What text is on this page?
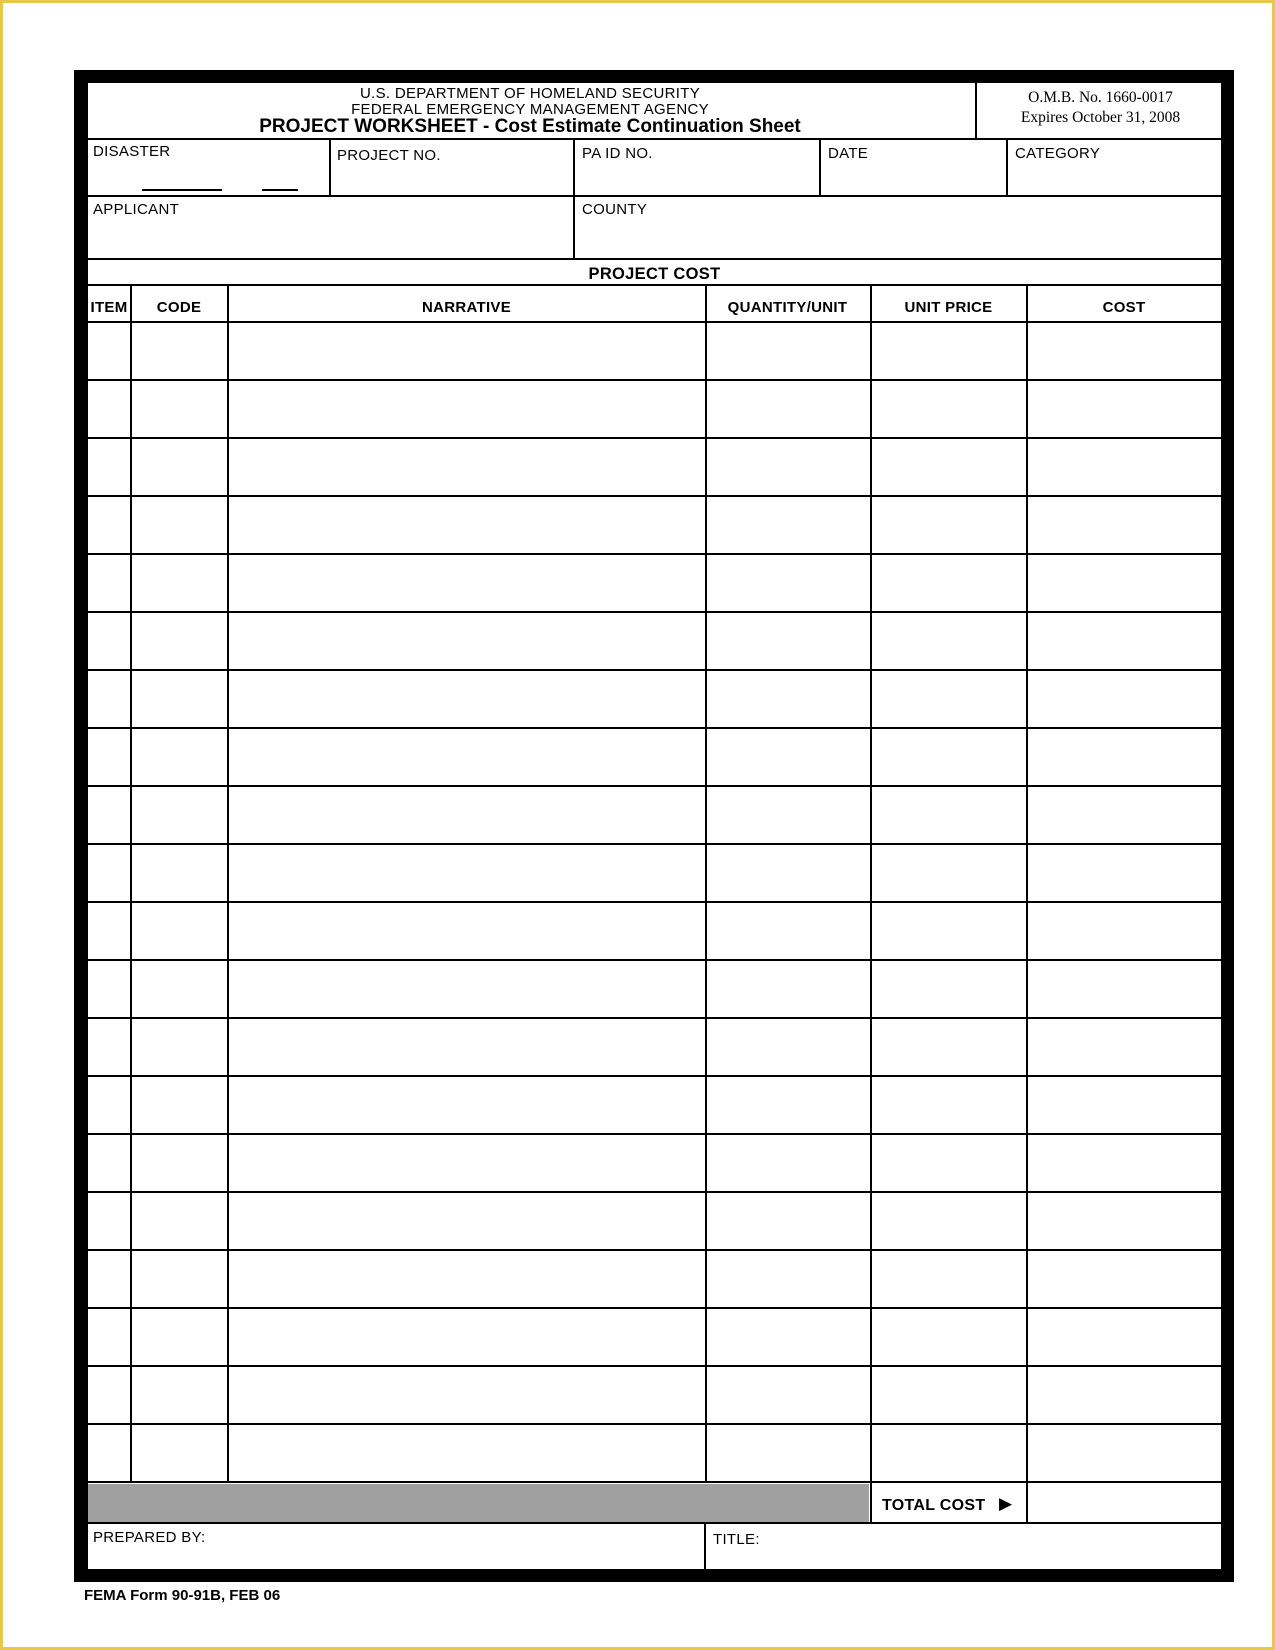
U.S. DEPARTMENT OF HOMELAND SECURITY
FEDERAL EMERGENCY MANAGEMENT AGENCY
PROJECT WORKSHEET - Cost Estimate Continuation Sheet
O.M.B. No. 1660-0017
Expires October 31, 2008
DISASTER	PROJECT NO.	PA ID NO.	DATE	CATEGORY
APPLICANT	COUNTY
PROJECT COST
ITEM	CODE	NARRATIVE	QUANTITY/UNIT	UNIT PRICE	COST
TOTAL COST ▶
PREPARED BY:	TITLE:
FEMA Form 90-91B, FEB 06
